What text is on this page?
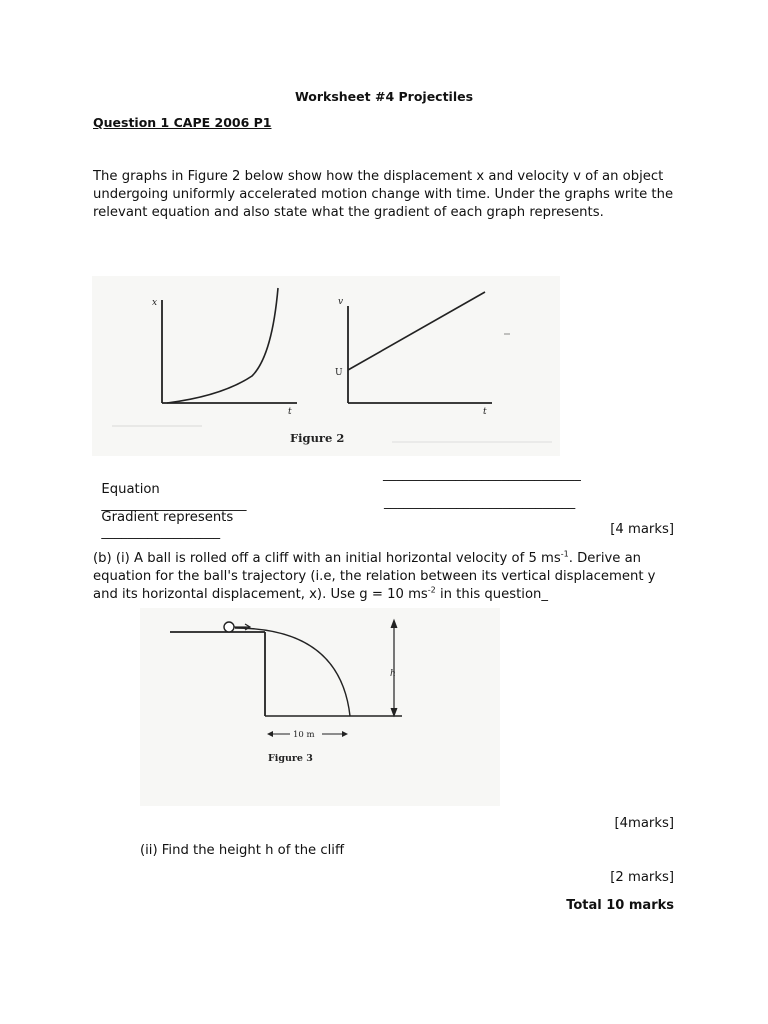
Worksheet #4 Projectiles
Question 1 CAPE 2006 P1
The graphs in Figure 2 below show how the displacement x and velocity v of an object undergoing uniformly accelerated motion change with time. Under the graphs write the relevant equation and also state what the gradient of each graph represents.
x
t
v
U
t
Figure 2

Equation
______________________

______________________________

Gradient represents
__________________

_____________________________
[4 marks]
(b) (i) A ball is rolled off a cliff with an initial horizontal velocity of 5 $ms^{-1}$. Derive an equation for the ball's trajectory (i.e, the relation between its vertical displacement y and its horizontal displacement, x). Use g = 10 $ms^{-2}$ in this question_
h
10 m
Figure 3
[4marks]
(ii) Find the height h of the cliff
[2 marks]
Total 10 marks
